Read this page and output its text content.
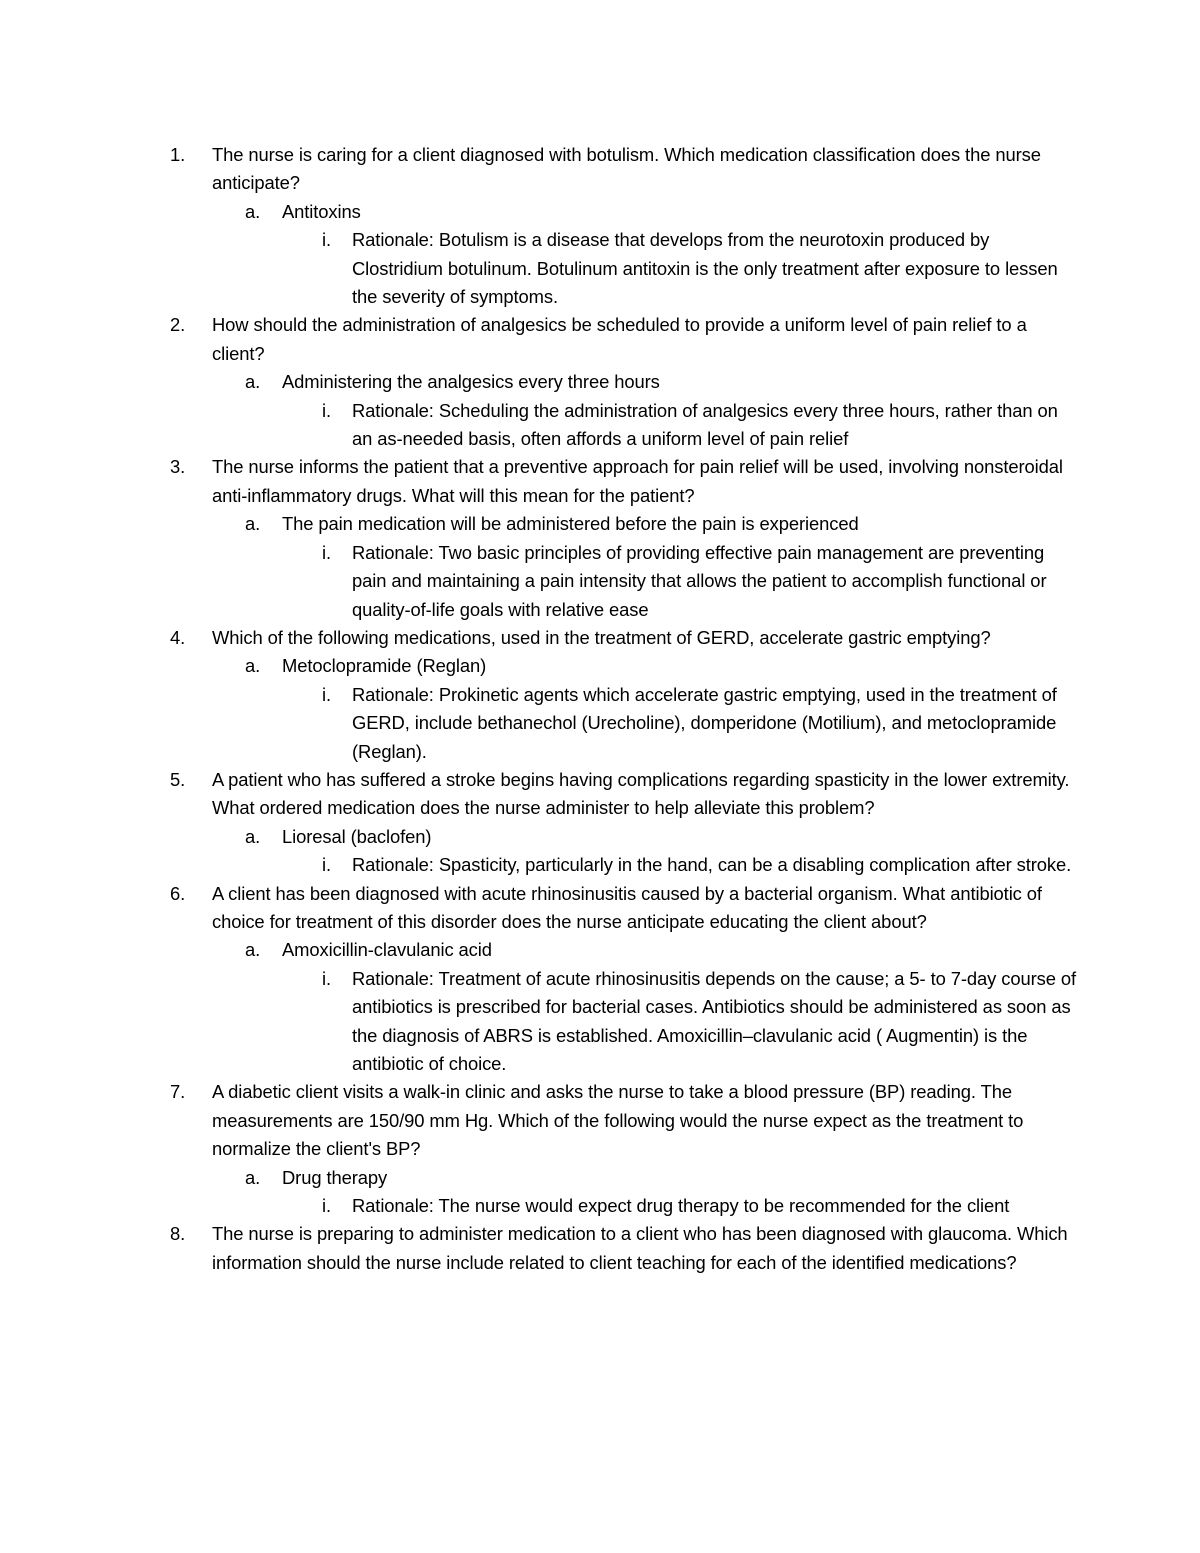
1. The nurse is caring for a client diagnosed with botulism. Which medication classification does the nurse anticipate?
a. Antitoxins
i. Rationale: Botulism is a disease that develops from the neurotoxin produced by Clostridium botulinum. Botulinum antitoxin is the only treatment after exposure to lessen the severity of symptoms.
2. How should the administration of analgesics be scheduled to provide a uniform level of pain relief to a client?
a. Administering the analgesics every three hours
i. Rationale: Scheduling the administration of analgesics every three hours, rather than on an as-needed basis, often affords a uniform level of pain relief
3. The nurse informs the patient that a preventive approach for pain relief will be used, involving nonsteroidal anti-inflammatory drugs. What will this mean for the patient?
a. The pain medication will be administered before the pain is experienced
i. Rationale: Two basic principles of providing effective pain management are preventing pain and maintaining a pain intensity that allows the patient to accomplish functional or quality-of-life goals with relative ease
4. Which of the following medications, used in the treatment of GERD, accelerate gastric emptying?
a. Metoclopramide (Reglan)
i. Rationale: Prokinetic agents which accelerate gastric emptying, used in the treatment of GERD, include bethanechol (Urecholine), domperidone (Motilium), and metoclopramide (Reglan).
5. A patient who has suffered a stroke begins having complications regarding spasticity in the lower extremity. What ordered medication does the nurse administer to help alleviate this problem?
a. Lioresal (baclofen)
i. Rationale: Spasticity, particularly in the hand, can be a disabling complication after stroke.
6. A client has been diagnosed with acute rhinosinusitis caused by a bacterial organism. What antibiotic of choice for treatment of this disorder does the nurse anticipate educating the client about?
a. Amoxicillin-clavulanic acid
i. Rationale: Treatment of acute rhinosinusitis depends on the cause; a 5- to 7-day course of antibiotics is prescribed for bacterial cases. Antibiotics should be administered as soon as the diagnosis of ABRS is established. Amoxicillin–clavulanic acid ( Augmentin) is the antibiotic of choice.
7. A diabetic client visits a walk-in clinic and asks the nurse to take a blood pressure (BP) reading. The measurements are 150/90 mm Hg. Which of the following would the nurse expect as the treatment to normalize the client's BP?
a. Drug therapy
i. Rationale: The nurse would expect drug therapy to be recommended for the client
8. The nurse is preparing to administer medication to a client who has been diagnosed with glaucoma. Which information should the nurse include related to client teaching for each of the identified medications?
